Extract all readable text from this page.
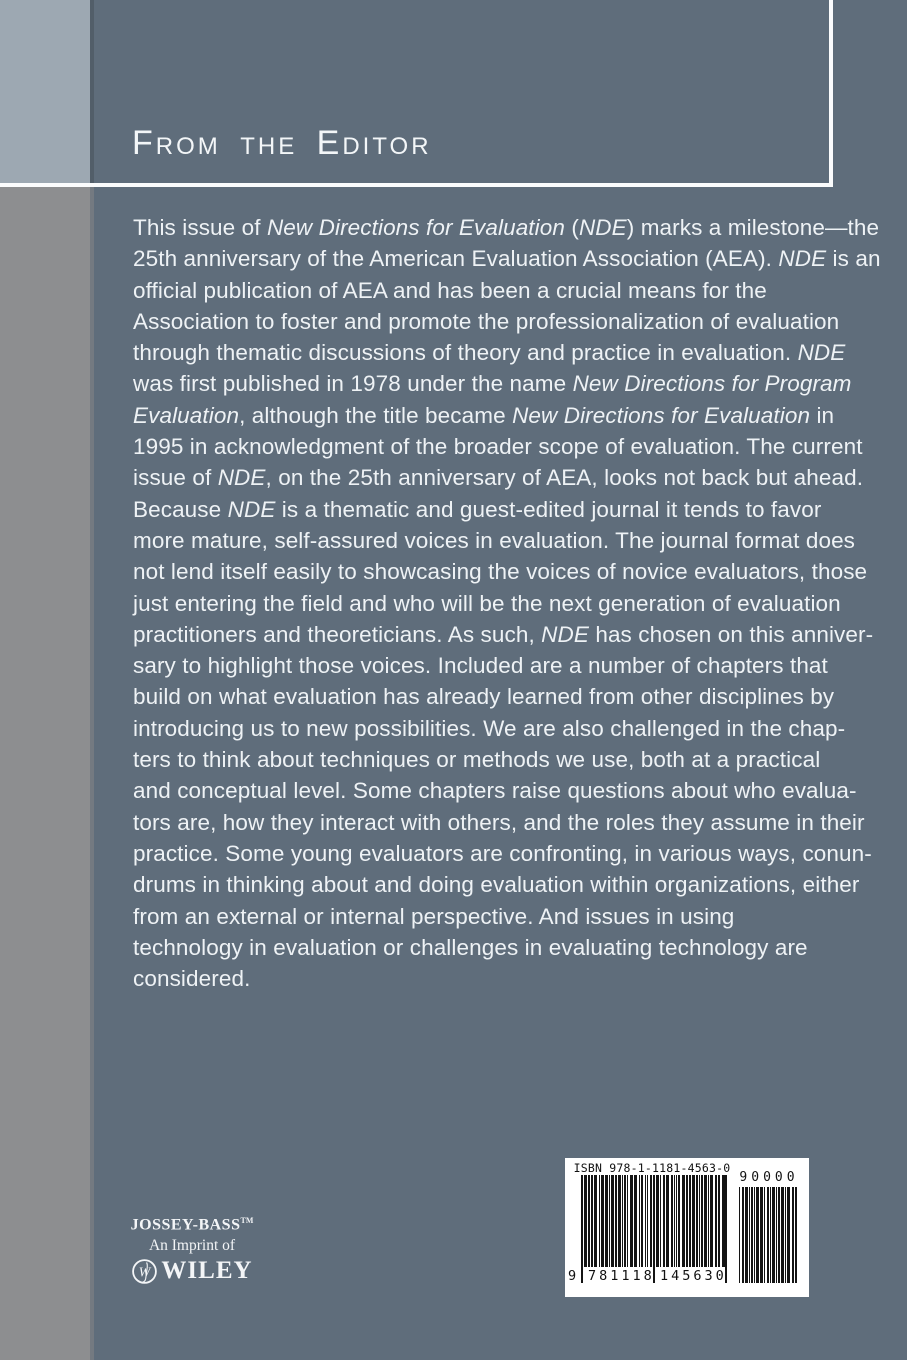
From the Editor
This issue of New Directions for Evaluation (NDE) marks a milestone—the
25th anniversary of the American Evaluation Association (AEA). NDE is an
official publication of AEA and has been a crucial means for the
Association to foster and promote the professionalization of evaluation
through thematic discussions of theory and practice in evaluation. NDE
was first published in 1978 under the name New Directions for Program
Evaluation, although the title became New Directions for Evaluation in
1995 in acknowledgment of the broader scope of evaluation. The current
issue of NDE, on the 25th anniversary of AEA, looks not back but ahead.
Because NDE is a thematic and guest-edited journal it tends to favor
more mature, self-assured voices in evaluation. The journal format does
not lend itself easily to showcasing the voices of novice evaluators, those
just entering the field and who will be the next generation of evaluation
practitioners and theoreticians. As such, NDE has chosen on this anniver-
sary to highlight those voices. Included are a number of chapters that
build on what evaluation has already learned from other disciplines by
introducing us to new possibilities. We are also challenged in the chap-
ters to think about techniques or methods we use, both at a practical
and conceptual level. Some chapters raise questions about who evalua-
tors are, how they interact with others, and the roles they assume in their
practice. Some young evaluators are confronting, in various ways, conun-
drums in thinking about and doing evaluation within organizations, either
from an external or internal perspective. And issues in using
technology in evaluation or challenges in evaluating technology are
considered.
JOSSEY-BASS™
An Imprint of
W WILEY
ISBN 978-1-1181-4563-0
9 781118 145630
90000
